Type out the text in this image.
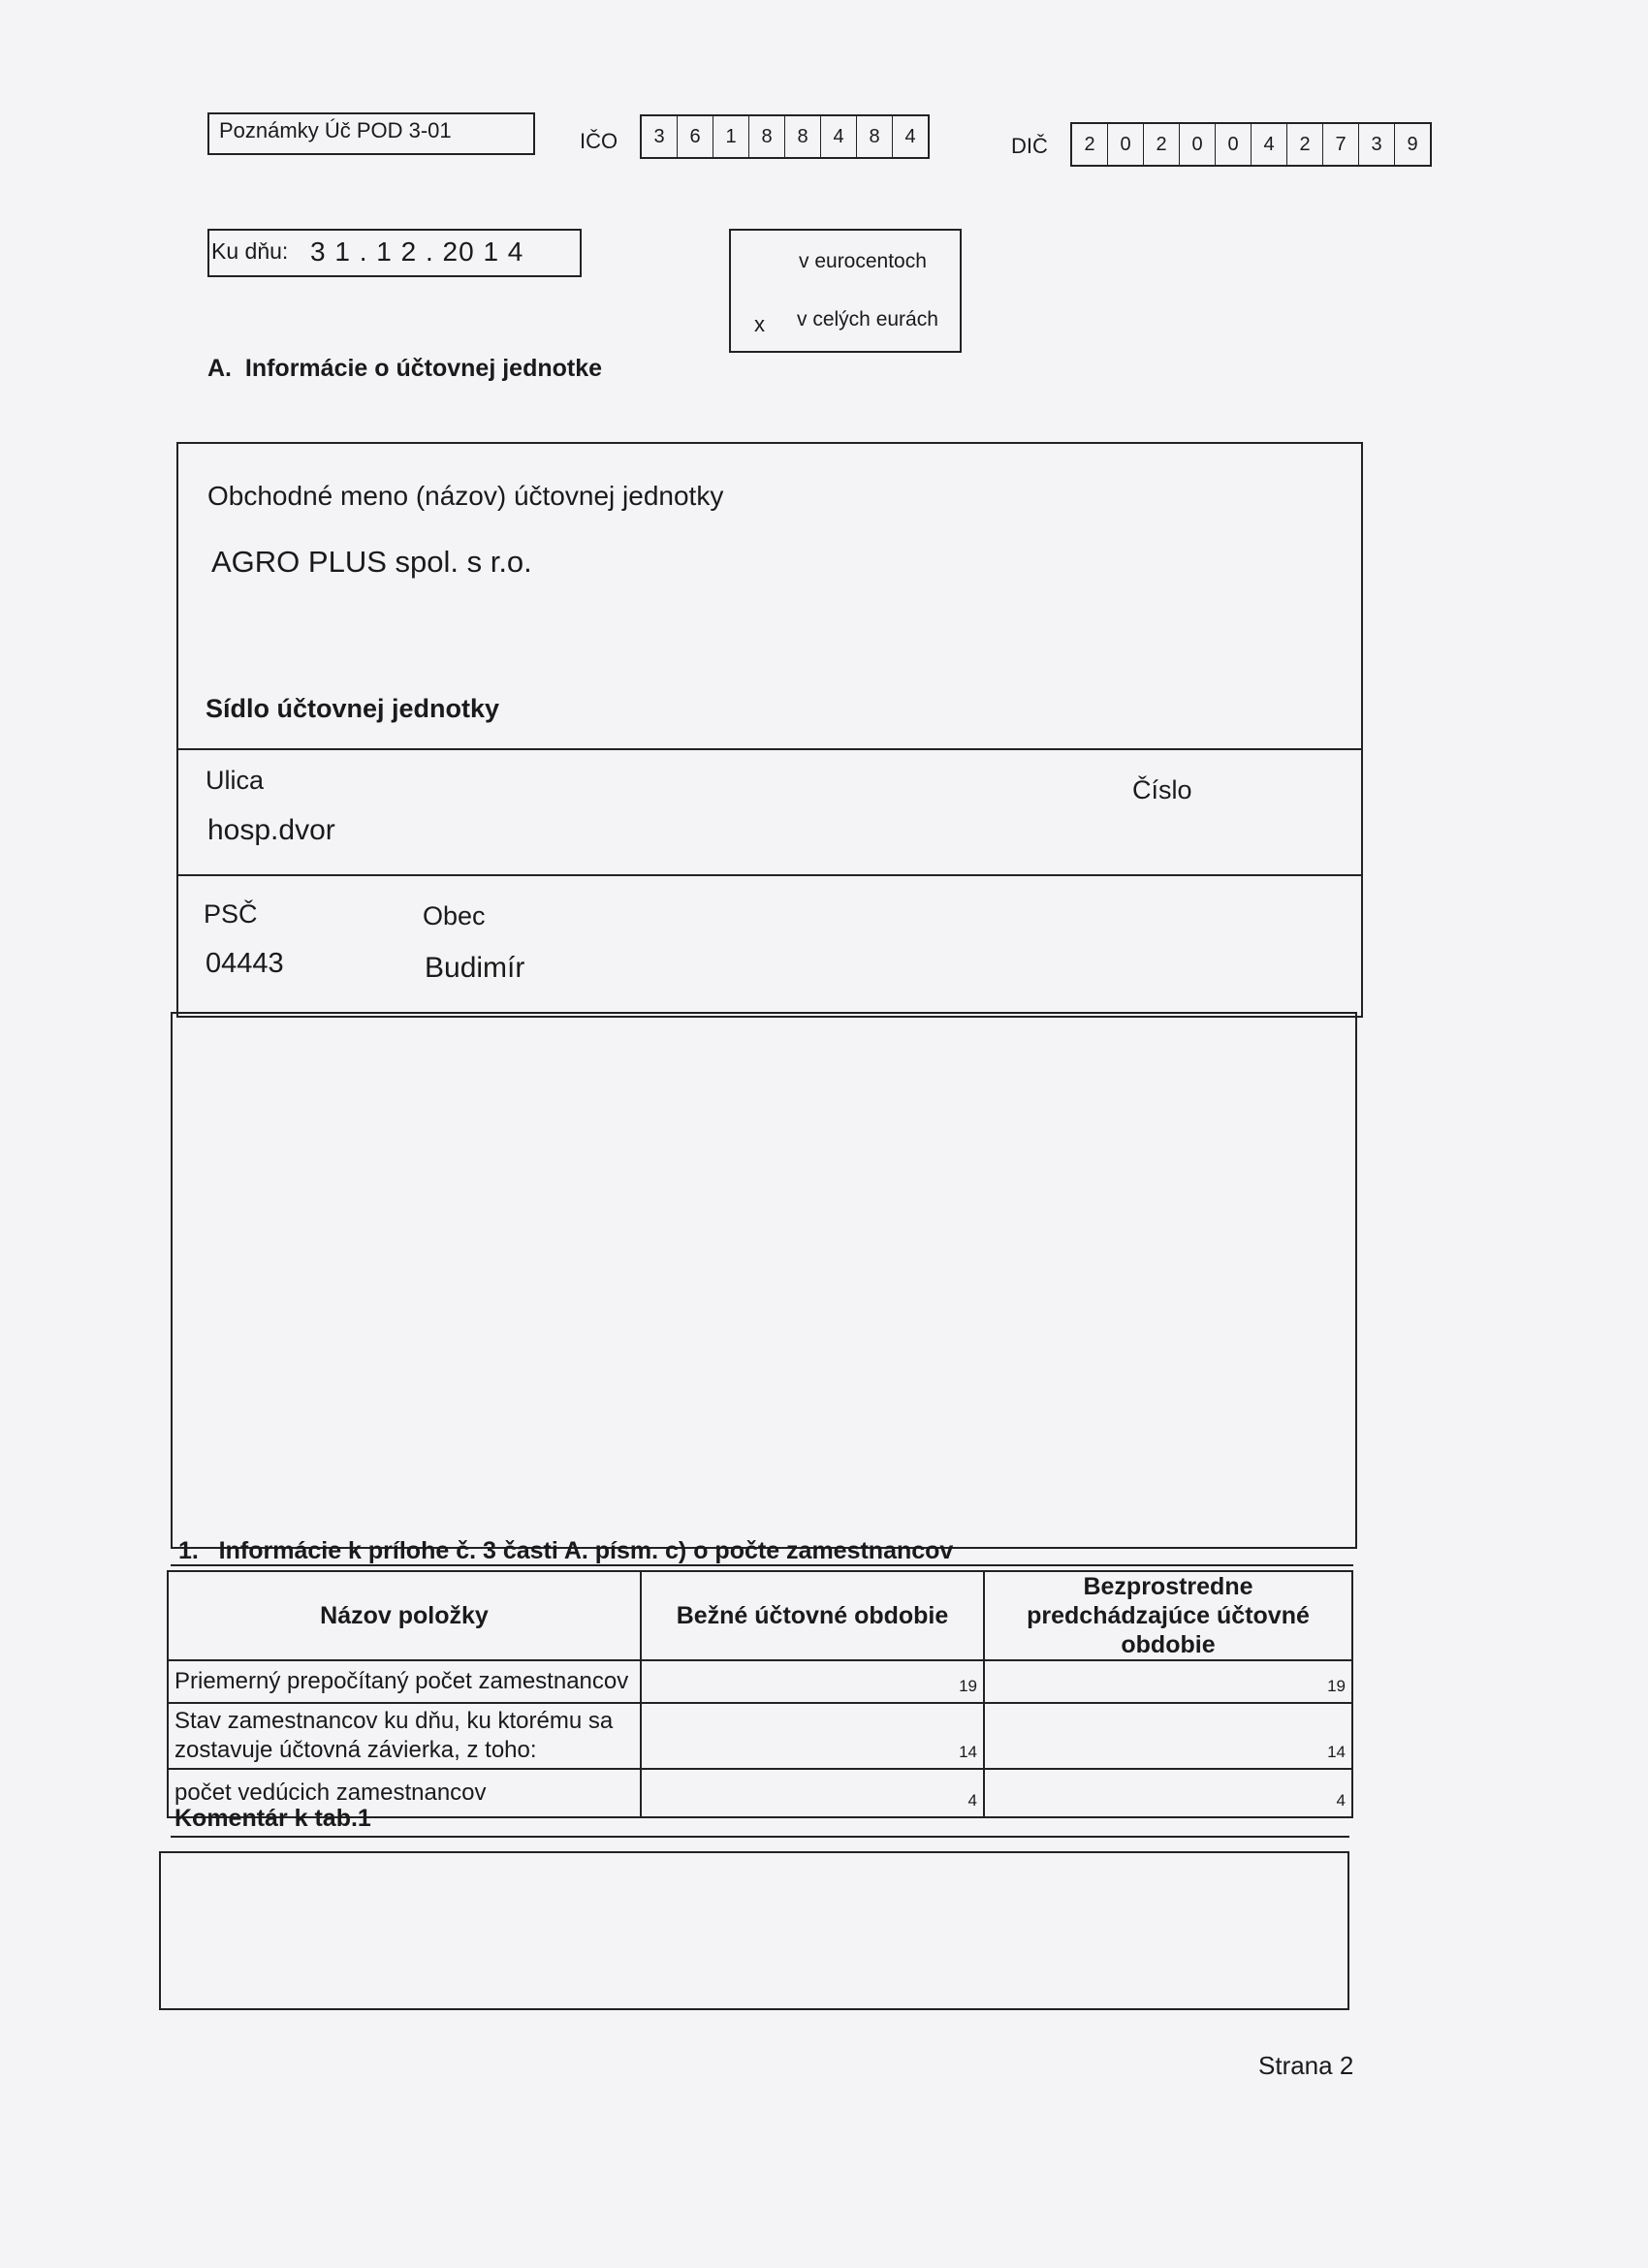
Poznámky Úč POD 3-01	IČO	3	6	1	8	8	4	8	4	DIČ	2	0	2	0	0	4	2	7	3	9
Ku dňu: 3 1 . 1 2 . 20 1 4	v eurocentoch
x v celých eurách
A.  Informácie o účtovnej jednotke
Obchodné meno (názov) účtovnej jednotky
AGRO PLUS spol. s r.o.
Sídlo účtovnej jednotky
Ulica
hosp.dvor
Číslo
PSČ
04443
Obec
Budimír
1.   Informácie k prílohe č. 3 časti A. písm. c) o počte zamestnancov
Názov položky	Bežné účtovné obdobie	Bezprostredne predchádzajúce účtovné obdobie
Priemerný prepočítaný počet zamestnancov	19	19
Stav zamestnancov ku dňu, ku ktorému sa zostavuje účtovná závierka, z toho:	14	14
počet vedúcich zamestnancov	4	4
Komentár k tab.1
Strana 2
